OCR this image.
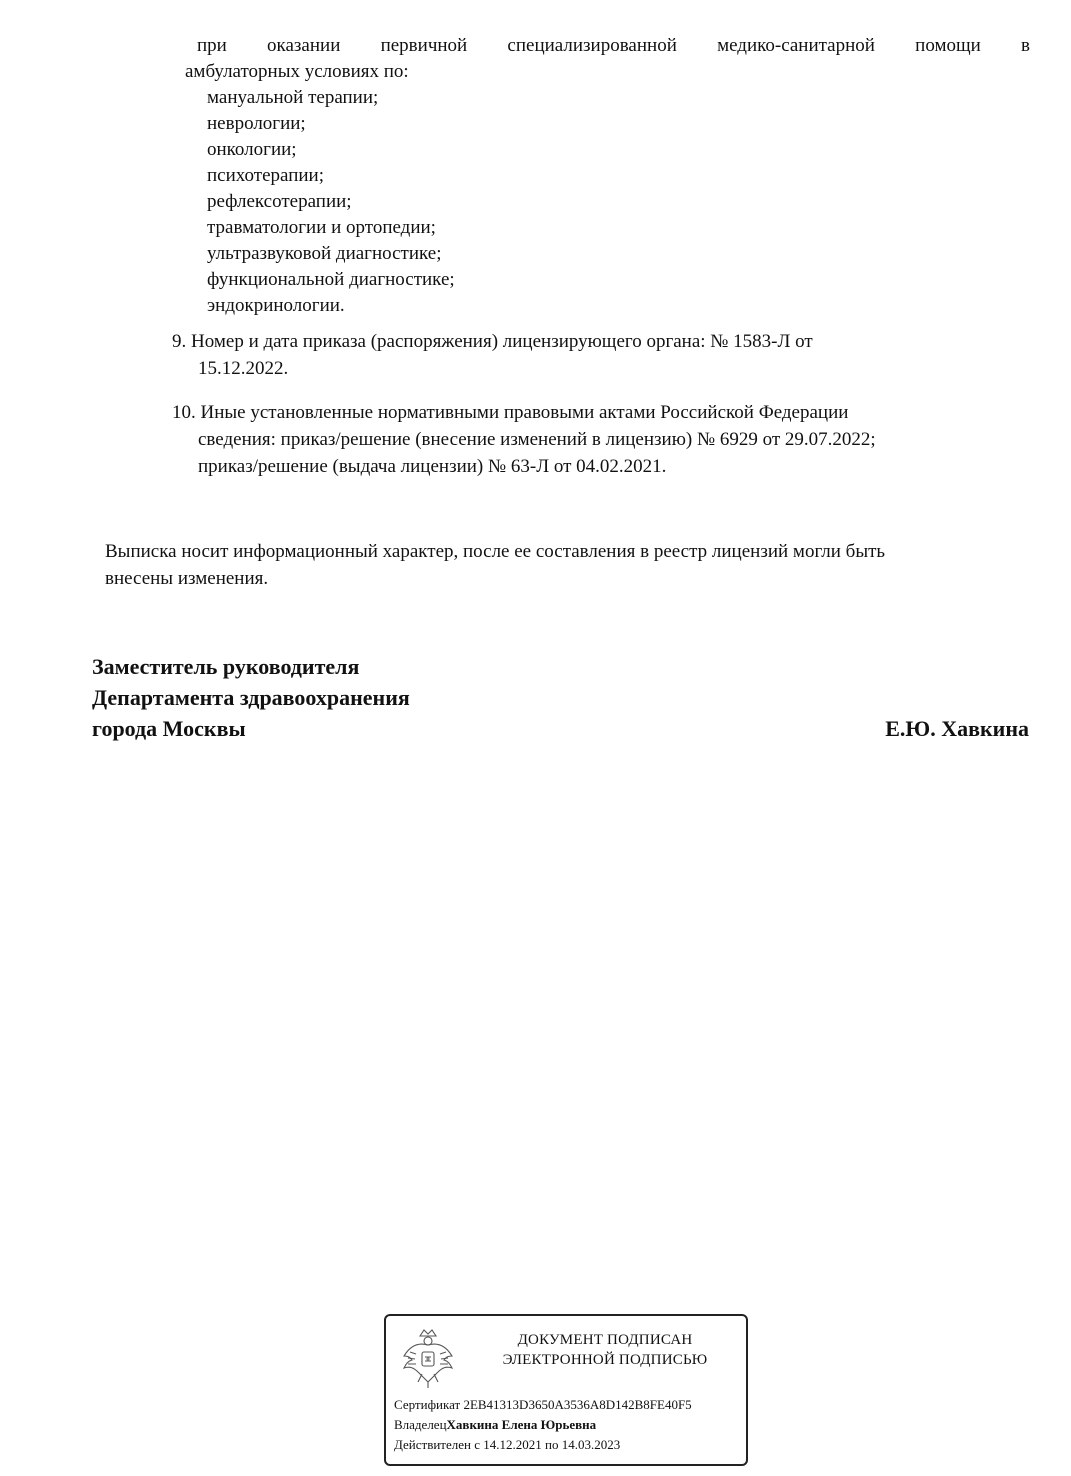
при оказании первичной специализированной медико-санитарной помощи в
амбулаторных условиях по:
мануальной терапии;
неврологии;
онкологии;
психотерапии;
рефлексотерапии;
травматологии и ортопедии;
ультразвуковой диагностике;
функциональной диагностике;
эндокринологии.
9. Номер и дата приказа (распоряжения) лицензирующего органа: № 1583-Л от
15.12.2022.
10. Иные установленные нормативными правовыми актами Российской Федерации
сведения: приказ/решение (внесение изменений в лицензию) № 6929 от 29.07.2022;
приказ/решение (выдача лицензии) № 63-Л от 04.02.2021.
Выписка носит информационный характер, после ее составления в реестр лицензий могли быть
внесены изменения.
Заместитель руководителя
Департамента здравоохранения
города Москвы	Е.Ю. Хавкина
ДОКУМЕНТ ПОДПИСАН
ЭЛЕКТРОННОЙ ПОДПИСЬЮ
Сертификат 2EB41313D3650A3536A8D142B8FE40F5
ВладелецХавкина Елена Юрьевна
Действителен с 14.12.2021 по 14.03.2023
